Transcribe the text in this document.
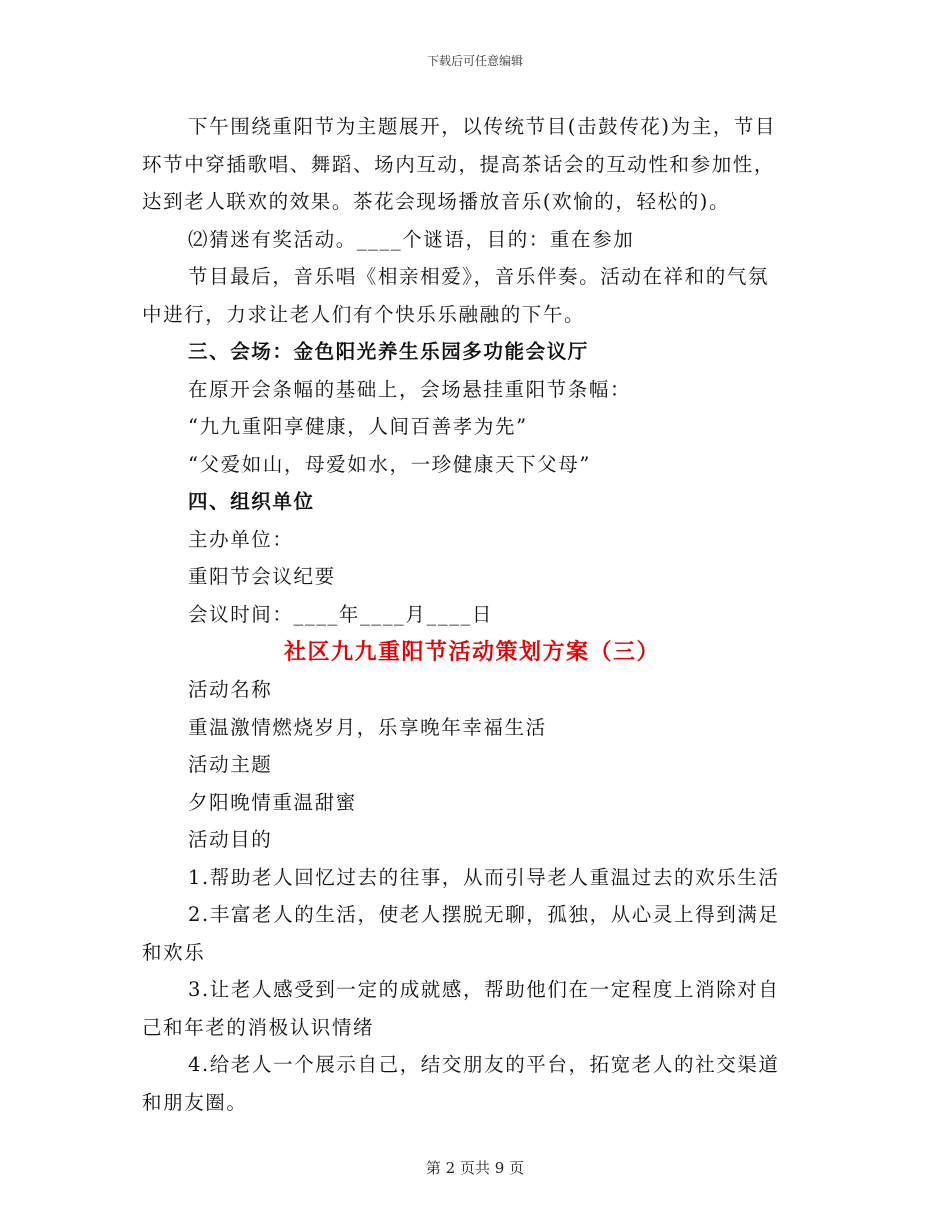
下载后可任意编辑

下午围绕重阳节为主题展开，以传统节目(击鼓传花)为主，节目

环节中穿插歌唱、舞蹈、场内互动，提高茶话会的互动性和参加性，

达到老人联欢的效果。茶花会现场播放音乐(欢愉的，轻松的)。

⑵猜迷有奖活动。____个谜语，目的：重在参加

节目最后，音乐唱《相亲相爱》，音乐伴奏。活动在祥和的气氛

中进行，力求让老人们有个快乐乐融融的下午。

三、会场：金色阳光养生乐园多功能会议厅

在原开会条幅的基础上，会场悬挂重阳节条幅：

“九九重阳享健康，人间百善孝为先”

“父爱如山，母爱如水，一珍健康天下父母”

四、组织单位

主办单位：

重阳节会议纪要

会议时间：____年____月____日

社区九九重阳节活动策划方案（三）

活动名称

重温激情燃烧岁月，乐享晚年幸福生活

活动主题

夕阳晚情重温甜蜜

活动目的

1.帮助老人回忆过去的往事，从而引导老人重温过去的欢乐生活

2.丰富老人的生活，使老人摆脱无聊，孤独，从心灵上得到满足

和欢乐

3.让老人感受到一定的成就感，帮助他们在一定程度上消除对自

己和年老的消极认识情绪

4.给老人一个展示自己，结交朋友的平台，拓宽老人的社交渠道

和朋友圈。

第 2 页共 9 页
